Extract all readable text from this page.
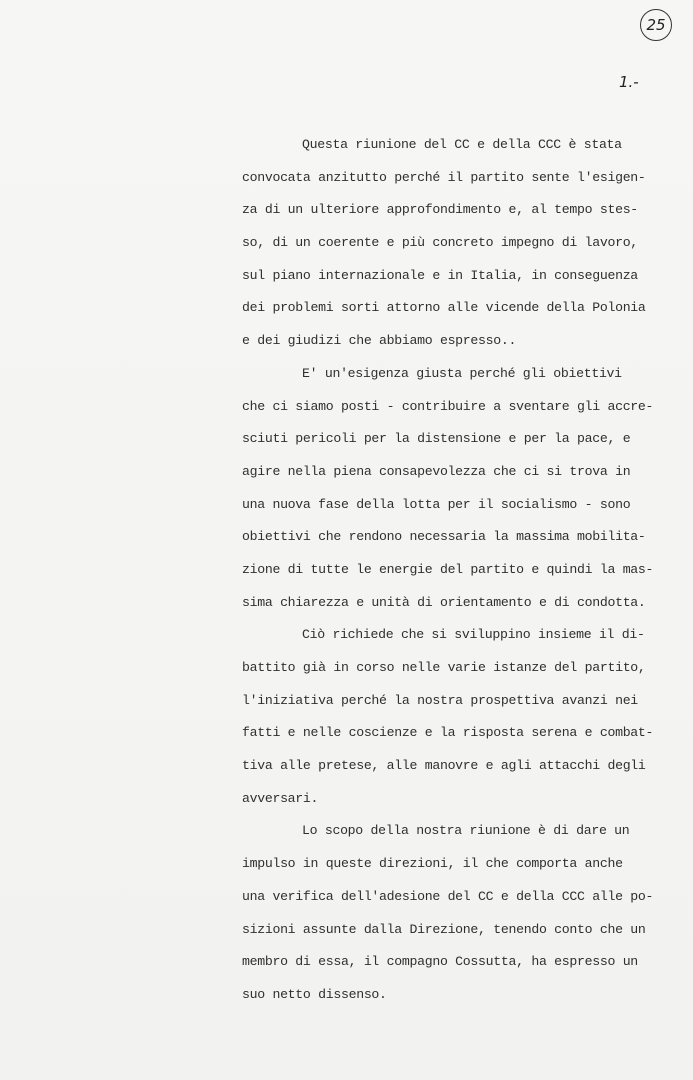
25
1.-
Questa riunione del CC e della CCC è stata
convocata anzitutto perché il partito sente l'esigen-
za di un ulteriore approfondimento e, al tempo stes-
so, di un coerente e più concreto impegno di lavoro,
sul piano internazionale e in Italia, in conseguenza
dei problemi sorti attorno alle vicende della Polonia
e dei giudizi che abbiamo espresso..
E' un'esigenza giusta perché gli obiettivi
che ci siamo posti - contribuire a sventare gli accre-
sciuti pericoli per la distensione e per la pace, e
agire nella piena consapevolezza che ci si trova in
una nuova fase della lotta per il socialismo - sono
obiettivi che rendono necessaria la massima mobilita-
zione di tutte le energie del partito e quindi la mas-
sima chiarezza e unità di orientamento e di condotta.
Ciò richiede che si sviluppino insieme il di-
battito già in corso nelle varie istanze del partito,
l'iniziativa perché la nostra prospettiva avanzi nei
fatti e nelle coscienze e la risposta serena e combat-
tiva alle pretese, alle manovre e agli attacchi degli
avversari.
Lo scopo della nostra riunione è di dare un
impulso in queste direzioni, il che comporta anche
una verifica dell'adesione del CC e della CCC alle po-
sizioni assunte dalla Direzione, tenendo conto che un
membro di essa, il compagno Cossutta, ha espresso un
suo netto dissenso.
